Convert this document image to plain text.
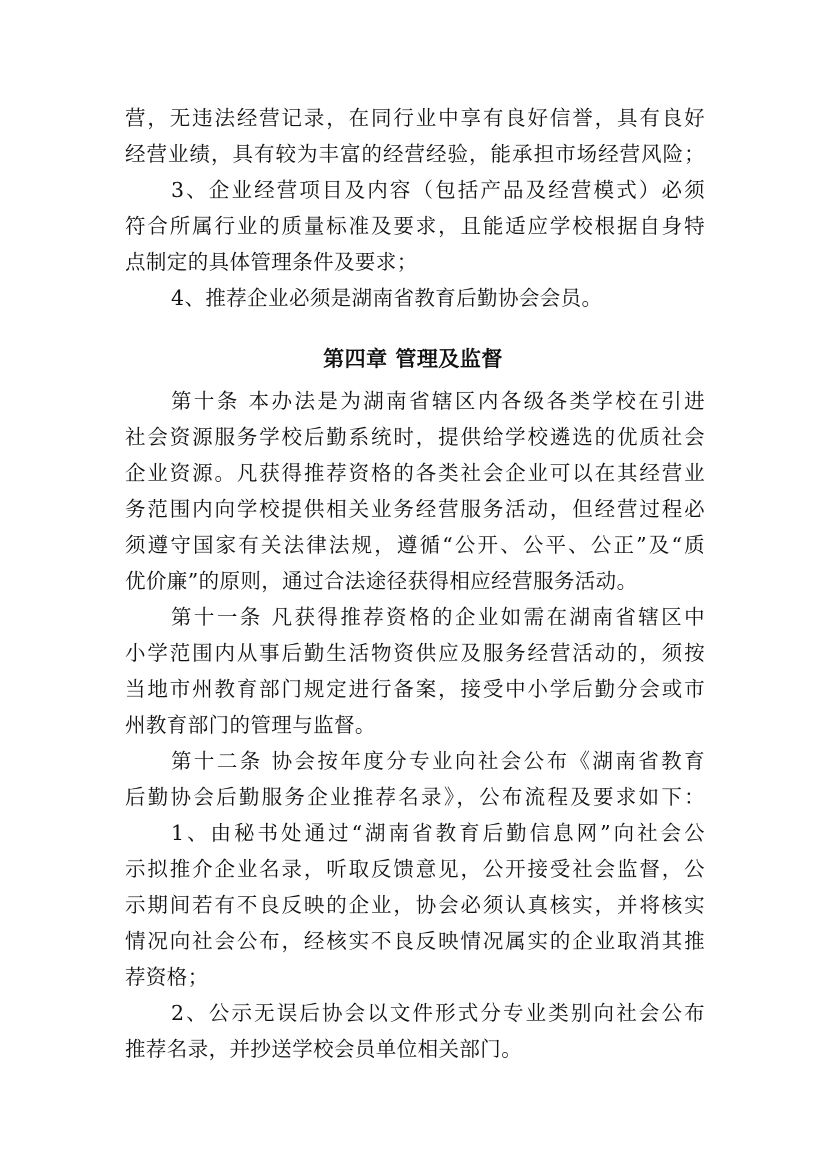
营，无违法经营记录，在同行业中享有良好信誉，具有良好
经营业绩，具有较为丰富的经营经验，能承担市场经营风险；
3、企业经营项目及内容（包括产品及经营模式）必须
符合所属行业的质量标准及要求，且能适应学校根据自身特
点制定的具体管理条件及要求；
4、推荐企业必须是湖南省教育后勤协会会员。
第四章 管理及监督
第十条 本办法是为湖南省辖区内各级各类学校在引进
社会资源服务学校后勤系统时，提供给学校遴选的优质社会
企业资源。凡获得推荐资格的各类社会企业可以在其经营业
务范围内向学校提供相关业务经营服务活动，但经营过程必
须遵守国家有关法律法规，遵循“公开、公平、公正”及“质
优价廉”的原则，通过合法途径获得相应经营服务活动。
第十一条 凡获得推荐资格的企业如需在湖南省辖区中
小学范围内从事后勤生活物资供应及服务经营活动的，须按
当地市州教育部门规定进行备案，接受中小学后勤分会或市
州教育部门的管理与监督。
第十二条 协会按年度分专业向社会公布《湖南省教育
后勤协会后勤服务企业推荐名录》，公布流程及要求如下：
1、由秘书处通过“湖南省教育后勤信息网”向社会公
示拟推介企业名录，听取反馈意见，公开接受社会监督，公
示期间若有不良反映的企业，协会必须认真核实，并将核实
情况向社会公布，经核实不良反映情况属实的企业取消其推
荐资格；
2、公示无误后协会以文件形式分专业类别向社会公布
推荐名录，并抄送学校会员单位相关部门。
